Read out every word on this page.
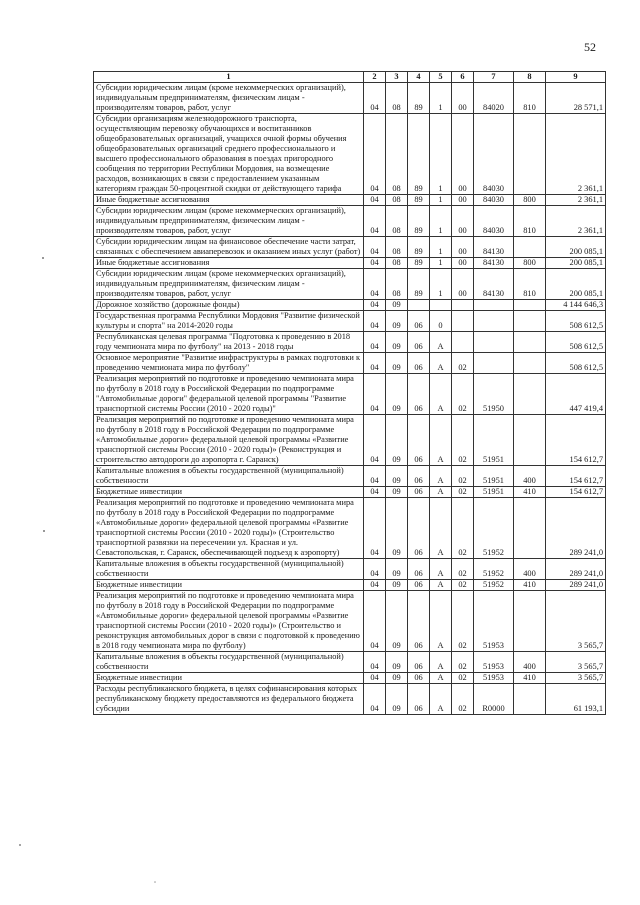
52
1	2	3	4	5	6	7	8	9
Субсидии юридическим лицам (кроме некоммерческих организаций), индивидуальным предпринимателям, физическим лицам - производителям товаров, работ, услуг	04	08	89	1	00	84020	810	28 571,1
Субсидии организациям железнодорожного транспорта, осуществляющим перевозку обучающихся и воспитанников общеобразовательных организаций, учащихся очной формы обучения общеобразовательных организаций среднего профессионального и высшего профессионального образования в поездах пригородного сообщения по территории Республики Мордовия, на возмещение расходов, возникающих в связи с предоставлением указанным категориям граждан 50-процентной скидки от действующего тарифа	04	08	89	1	00	84030		2 361,1
Иные бюджетные ассигнования	04	08	89	1	00	84030	800	2 361,1
Субсидии юридическим лицам (кроме некоммерческих организаций), индивидуальным предпринимателям, физическим лицам - производителям товаров, работ, услуг	04	08	89	1	00	84030	810	2 361,1
Субсидии юридическим лицам на финансовое обеспечение части затрат, связанных с обеспечением авиаперевозок и оказанием иных услуг (работ)	04	08	89	1	00	84130		200 085,1
Иные бюджетные ассигнования	04	08	89	1	00	84130	800	200 085,1
Субсидии юридическим лицам (кроме некоммерческих организаций), индивидуальным предпринимателям, физическим лицам - производителям товаров, работ, услуг	04	08	89	1	00	84130	810	200 085,1
Дорожное хозяйство (дорожные фонды)	04	09						4 144 646,3
Государственная программа Республики Мордовия "Развитие физической культуры и спорта" на 2014-2020 годы	04	09	06	0				508 612,5
Республиканская целевая программа "Подготовка к проведению в 2018 году чемпионата мира по футболу" на 2013 - 2018 годы	04	09	06	А				508 612,5
Основное мероприятие "Развитие инфраструктуры в рамках подготовки к проведению чемпионата мира по футболу"	04	09	06	А	02			508 612,5
Реализация мероприятий по подготовке и проведению чемпионата мира по футболу в 2018 году в Российской Федерации по подпрограмме "Автомобильные дороги" федеральной целевой программы "Развитие транспортной системы России (2010 - 2020 годы)"	04	09	06	А	02	51950		447 419,4
Реализация мероприятий по подготовке и проведению чемпионата мира по футболу в 2018 году в Российской Федерации по подпрограмме «Автомобильные дороги» федеральной целевой программы «Развитие транспортной системы России (2010 - 2020 годы)» (Реконструкция и строительство автодороги до аэропорта г. Саранск)	04	09	06	А	02	51951		154 612,7
Капитальные вложения в объекты государственной (муниципальной) собственности	04	09	06	А	02	51951	400	154 612,7
Бюджетные инвестиции	04	09	06	А	02	51951	410	154 612,7
Реализация мероприятий по подготовке и проведению чемпионата мира по футболу в 2018 году в Российской Федерации по подпрограмме «Автомобильные дороги» федеральной целевой программы «Развитие транспортной системы России (2010 - 2020 годы)» (Строительство транспортной развязки на пересечении ул. Красная и ул. Севастопольская, г. Саранск, обеспечивающей подъезд к аэропорту)	04	09	06	А	02	51952		289 241,0
Капитальные вложения в объекты государственной (муниципальной) собственности	04	09	06	А	02	51952	400	289 241,0
Бюджетные инвестиции	04	09	06	А	02	51952	410	289 241,0
Реализация мероприятий по подготовке и проведению чемпионата мира по футболу в 2018 году в Российской Федерации по подпрограмме «Автомобильные дороги» федеральной целевой программы «Развитие транспортной системы России (2010 - 2020 годы)» (Строительство и реконструкция автомобильных дорог в связи с подготовкой к проведению в 2018 году чемпионата мира по футболу)	04	09	06	А	02	51953		3 565,7
Капитальные вложения в объекты государственной (муниципальной) собственности	04	09	06	А	02	51953	400	3 565,7
Бюджетные инвестиции	04	09	06	А	02	51953	410	3 565,7
Расходы республиканского бюджета, в целях софинансирования которых республиканскому бюджету предоставляются из федерального бюджета субсидии	04	09	06	А	02	R0000		61 193,1
